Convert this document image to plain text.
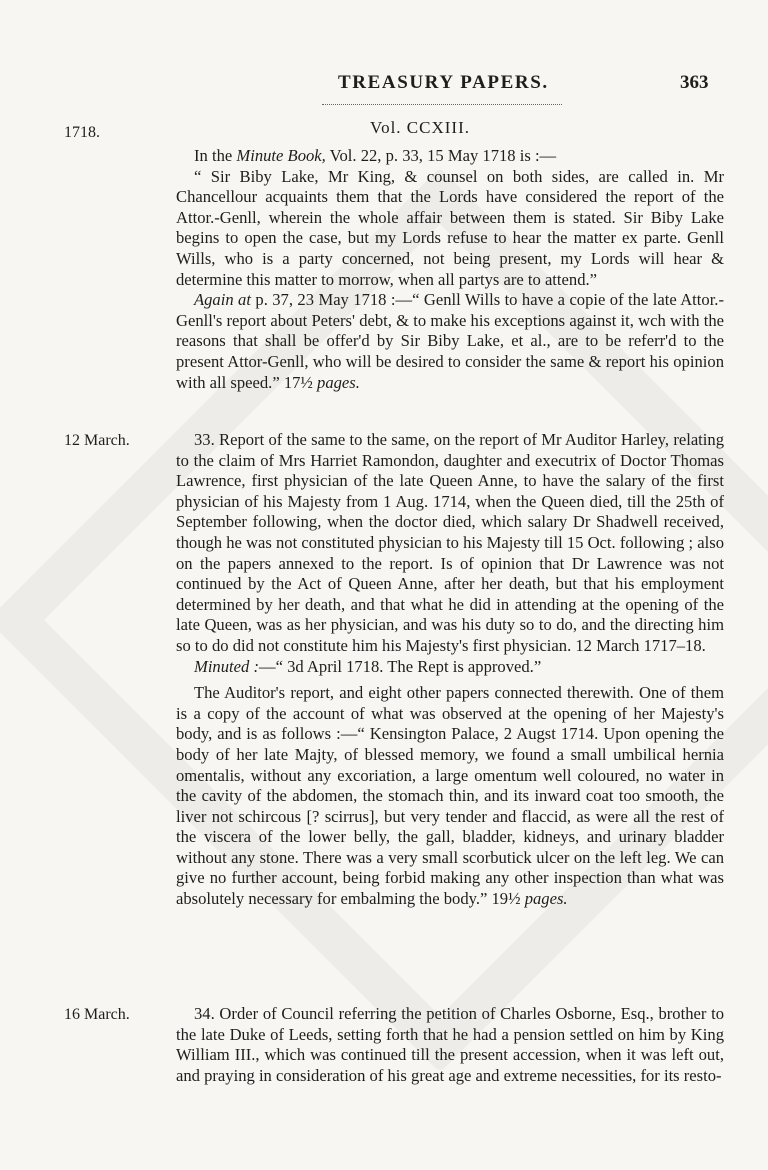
TREASURY PAPERS.	363
1718.	Vol. CCXIII.

In the Minute Book, Vol. 22, p. 33, 15 May 1718 is :—

“ Sir Biby Lake, Mr King, & counsel on both sides, are called in. Mr Chancellour acquaints them that the Lords have considered the report of the Attor.-Genll, wherein the whole affair between them is stated. Sir Biby Lake begins to open the case, but my Lords refuse to hear the matter ex parte. Genll Wills, who is a party concerned, not being present, my Lords will hear & determine this matter to morrow, when all partys are to attend.”

Again at p. 37, 23 May 1718 :—“ Genll Wills to have a copie of the late Attor.-Genll's report about Peters' debt, & to make his exceptions against it, wch with the reasons that shall be offer'd by Sir Biby Lake, et al., are to be referr'd to the present Attor-Genll, who will be desired to consider the same & report his opinion with all speed.” 17½ pages.

12 March.	33. Report of the same to the same, on the report of Mr Auditor Harley, relating to the claim of Mrs Harriet Ramondon, daughter and executrix of Doctor Thomas Lawrence, first physician of the late Queen Anne, to have the salary of the first physician of his Majesty from 1 Aug. 1714, when the Queen died, till the 25th of September following, when the doctor died, which salary Dr Shadwell received, though he was not constituted physician to his Majesty till 15 Oct. following ; also on the papers annexed to the report. Is of opinion that Dr Lawrence was not continued by the Act of Queen Anne, after her death, but that his employment determined by her death, and that what he did in attending at the opening of the late Queen, was as her physician, and was his duty so to do, and the directing him so to do did not constitute him his Majesty's first physician. 12 March 1717–18.

Minuted :—“ 3d April 1718. The Rept is approved.”

The Auditor's report, and eight other papers connected therewith. One of them is a copy of the account of what was observed at the opening of her Majesty's body, and is as follows :—“ Kensington Palace, 2 Augst 1714. Upon opening the body of her late Majty, of blessed memory, we found a small umbilical hernia omentalis, without any excoriation, a large omentum well coloured, no water in the cavity of the abdomen, the stomach thin, and its inward coat too smooth, the liver not schircous [? scirrus], but very tender and flaccid, as were all the rest of the viscera of the lower belly, the gall, bladder, kidneys, and urinary bladder without any stone. There was a very small scorbutick ulcer on the left leg. We can give no further account, being forbid making any other inspection than what was absolutely necessary for embalming the body.” 19½ pages.

16 March.	34. Order of Council referring the petition of Charles Osborne, Esq., brother to the late Duke of Leeds, setting forth that he had a pension settled on him by King William III., which was continued till the present accession, when it was left out, and praying in consideration of his great age and extreme necessities, for its resto-
